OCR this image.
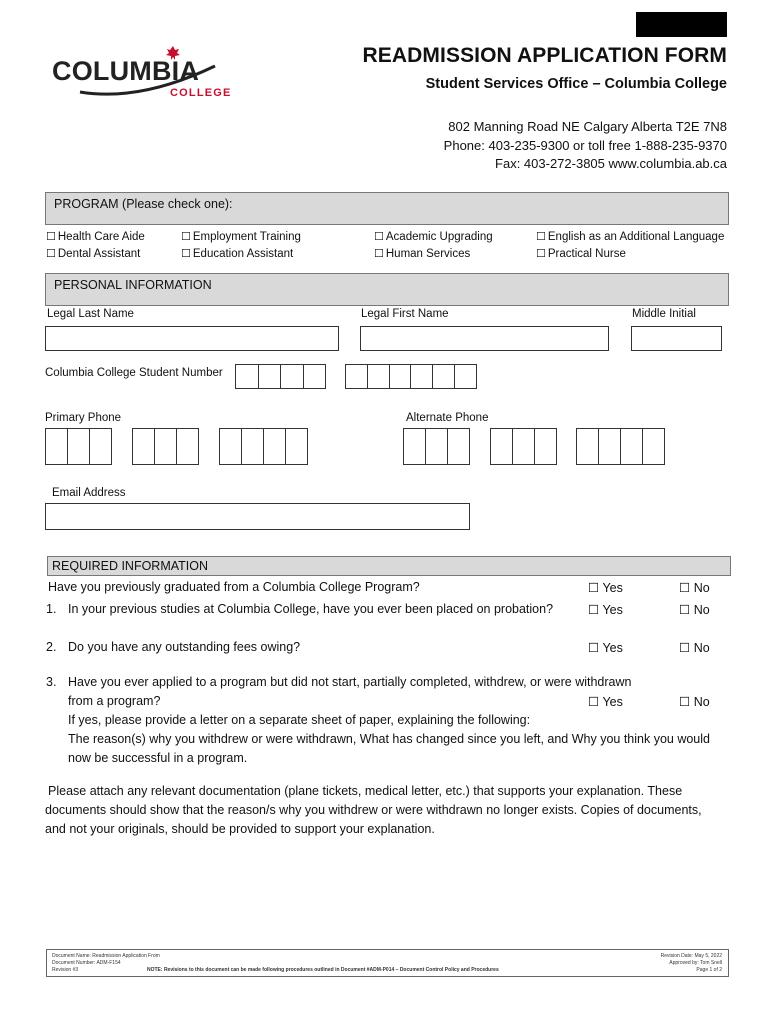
COLUMBIA
COLLEGE
READMISSION APPLICATION FORM
Student Services Office – Columbia College
802 Manning Road NE Calgary Alberta T2E 7N8
Phone: 403-235-9300 or toll free 1-888-235-9370
Fax: 403-272-3805 www.columbia.ab.ca
PROGRAM (Please check one):
☐ Health Care Aide	☐ Employment Training	☐ Academic Upgrading	☐ English as an Additional Language
☐ Dental Assistant	☐ Education Assistant	☐ Human Services	☐ Practical Nurse
PERSONAL INFORMATION
Legal Last Name	Legal First Name	Middle Initial
Columbia College Student Number
Primary Phone	Alternate Phone
Email Address
REQUIRED INFORMATION
Have you previously graduated from a Columbia College Program?	☐ Yes	☐ No
1. In your previous studies at Columbia College, have you ever been placed on probation?	☐ Yes	☐ No
2. Do you have any outstanding fees owing?	☐ Yes	☐ No
3. Have you ever applied to a program but did not start, partially completed, withdrew, or were withdrawn
from a program?	☐ Yes	☐ No
If yes, please provide a letter on a separate sheet of paper, explaining the following:
The reason(s) why you withdrew or were withdrawn, What has changed since you left, and Why you think you would
now be successful in a program.
Please attach any relevant documentation (plane tickets, medical letter, etc.) that supports your explanation. These
documents should show that the reason/s why you withdrew or were withdrawn no longer exists. Copies of documents,
and not your originals, should be provided to support your explanation.
Document Name: Readmission Application From
Document Number: ADM-F154
Revision #3	NOTE: Revisions to this document can be made following procedures outlined in Document #ADM-P014 – Document Control Policy and Procedures
Revision Date: May 5, 2022
Approved by: Tom Snell
Page 1 of 2
